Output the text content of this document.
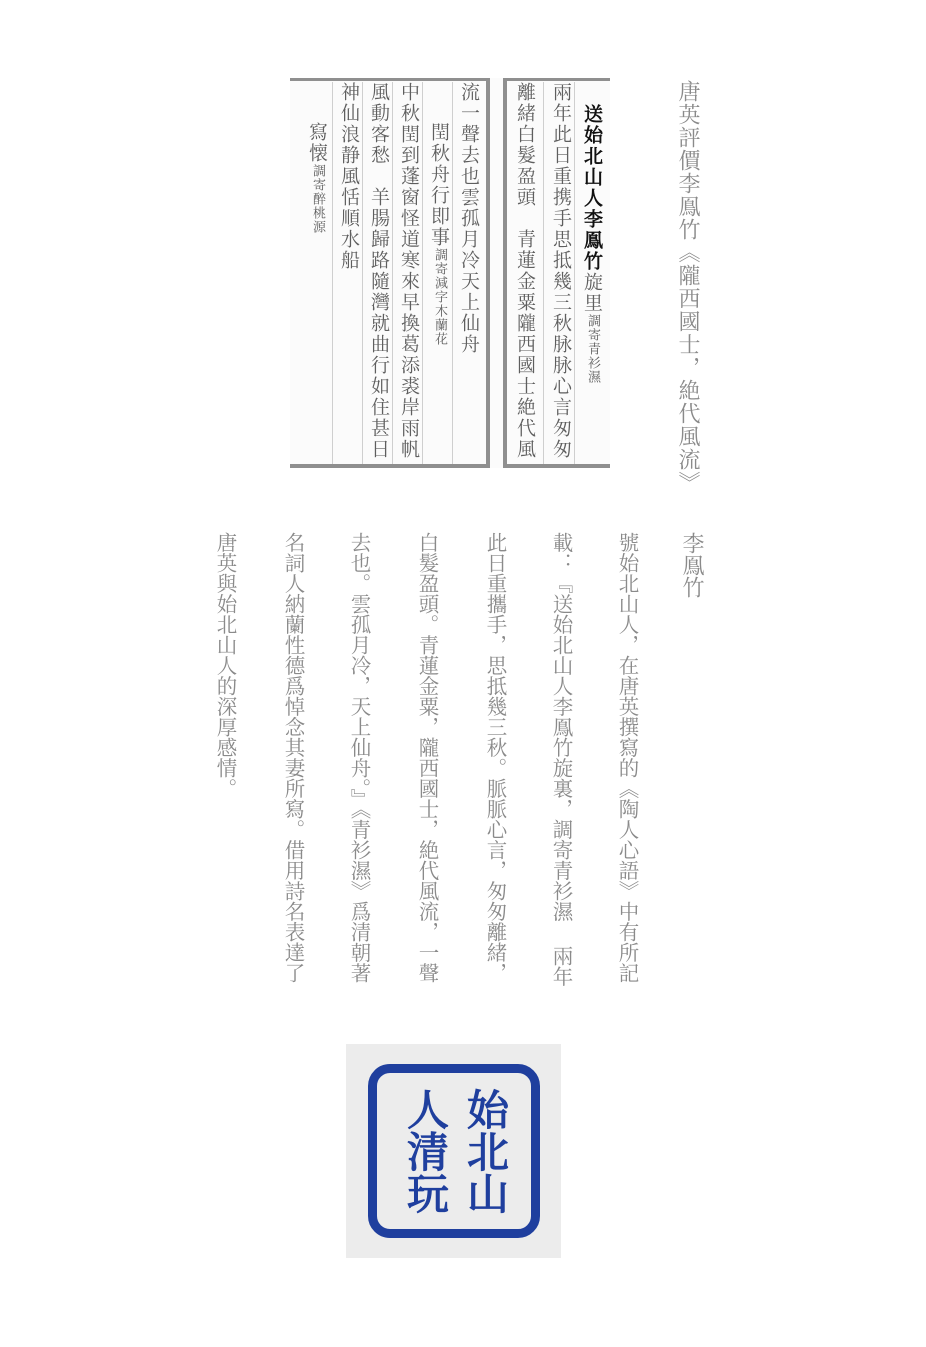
唐英評價李鳯竹《隴西國士，絶代風流》
送始北山人李鳯竹旋里調寄青衫濕
兩年此日重携手思抵幾三秋脉脉心言匆匆
離緒白髮盈頭　青蓮金粟隴西國士絶代風
流一聲去也雲孤月冷天上仙舟
閏秋舟行即事調寄減字木蘭花
中秋閏到蓬窗怪道寒來早換葛添裘岸雨帆
風動客愁　羊腸歸路隨灣就曲行如住甚日
神仙浪静風恬順水船
寫懐調寄醉桃源
李鳯竹
號始北山人，在唐英撰寫的《陶人心語》中有所記
載：『送始北山人李鳯竹旋裏，調寄青衫濕 兩年
此日重攜手，思抵幾三秋。脈脈心言，匆匆離緒，
白髮盈頭。青蓮金粟，隴西國士，絶代風流，一聲
去也。雲孤月冷，天上仙舟。』《青衫濕》爲清朝著
名詞人納蘭性德爲悼念其妻所寫。借用詩名表達了
唐英與始北山人的深厚感情。
始北山
人清玩
